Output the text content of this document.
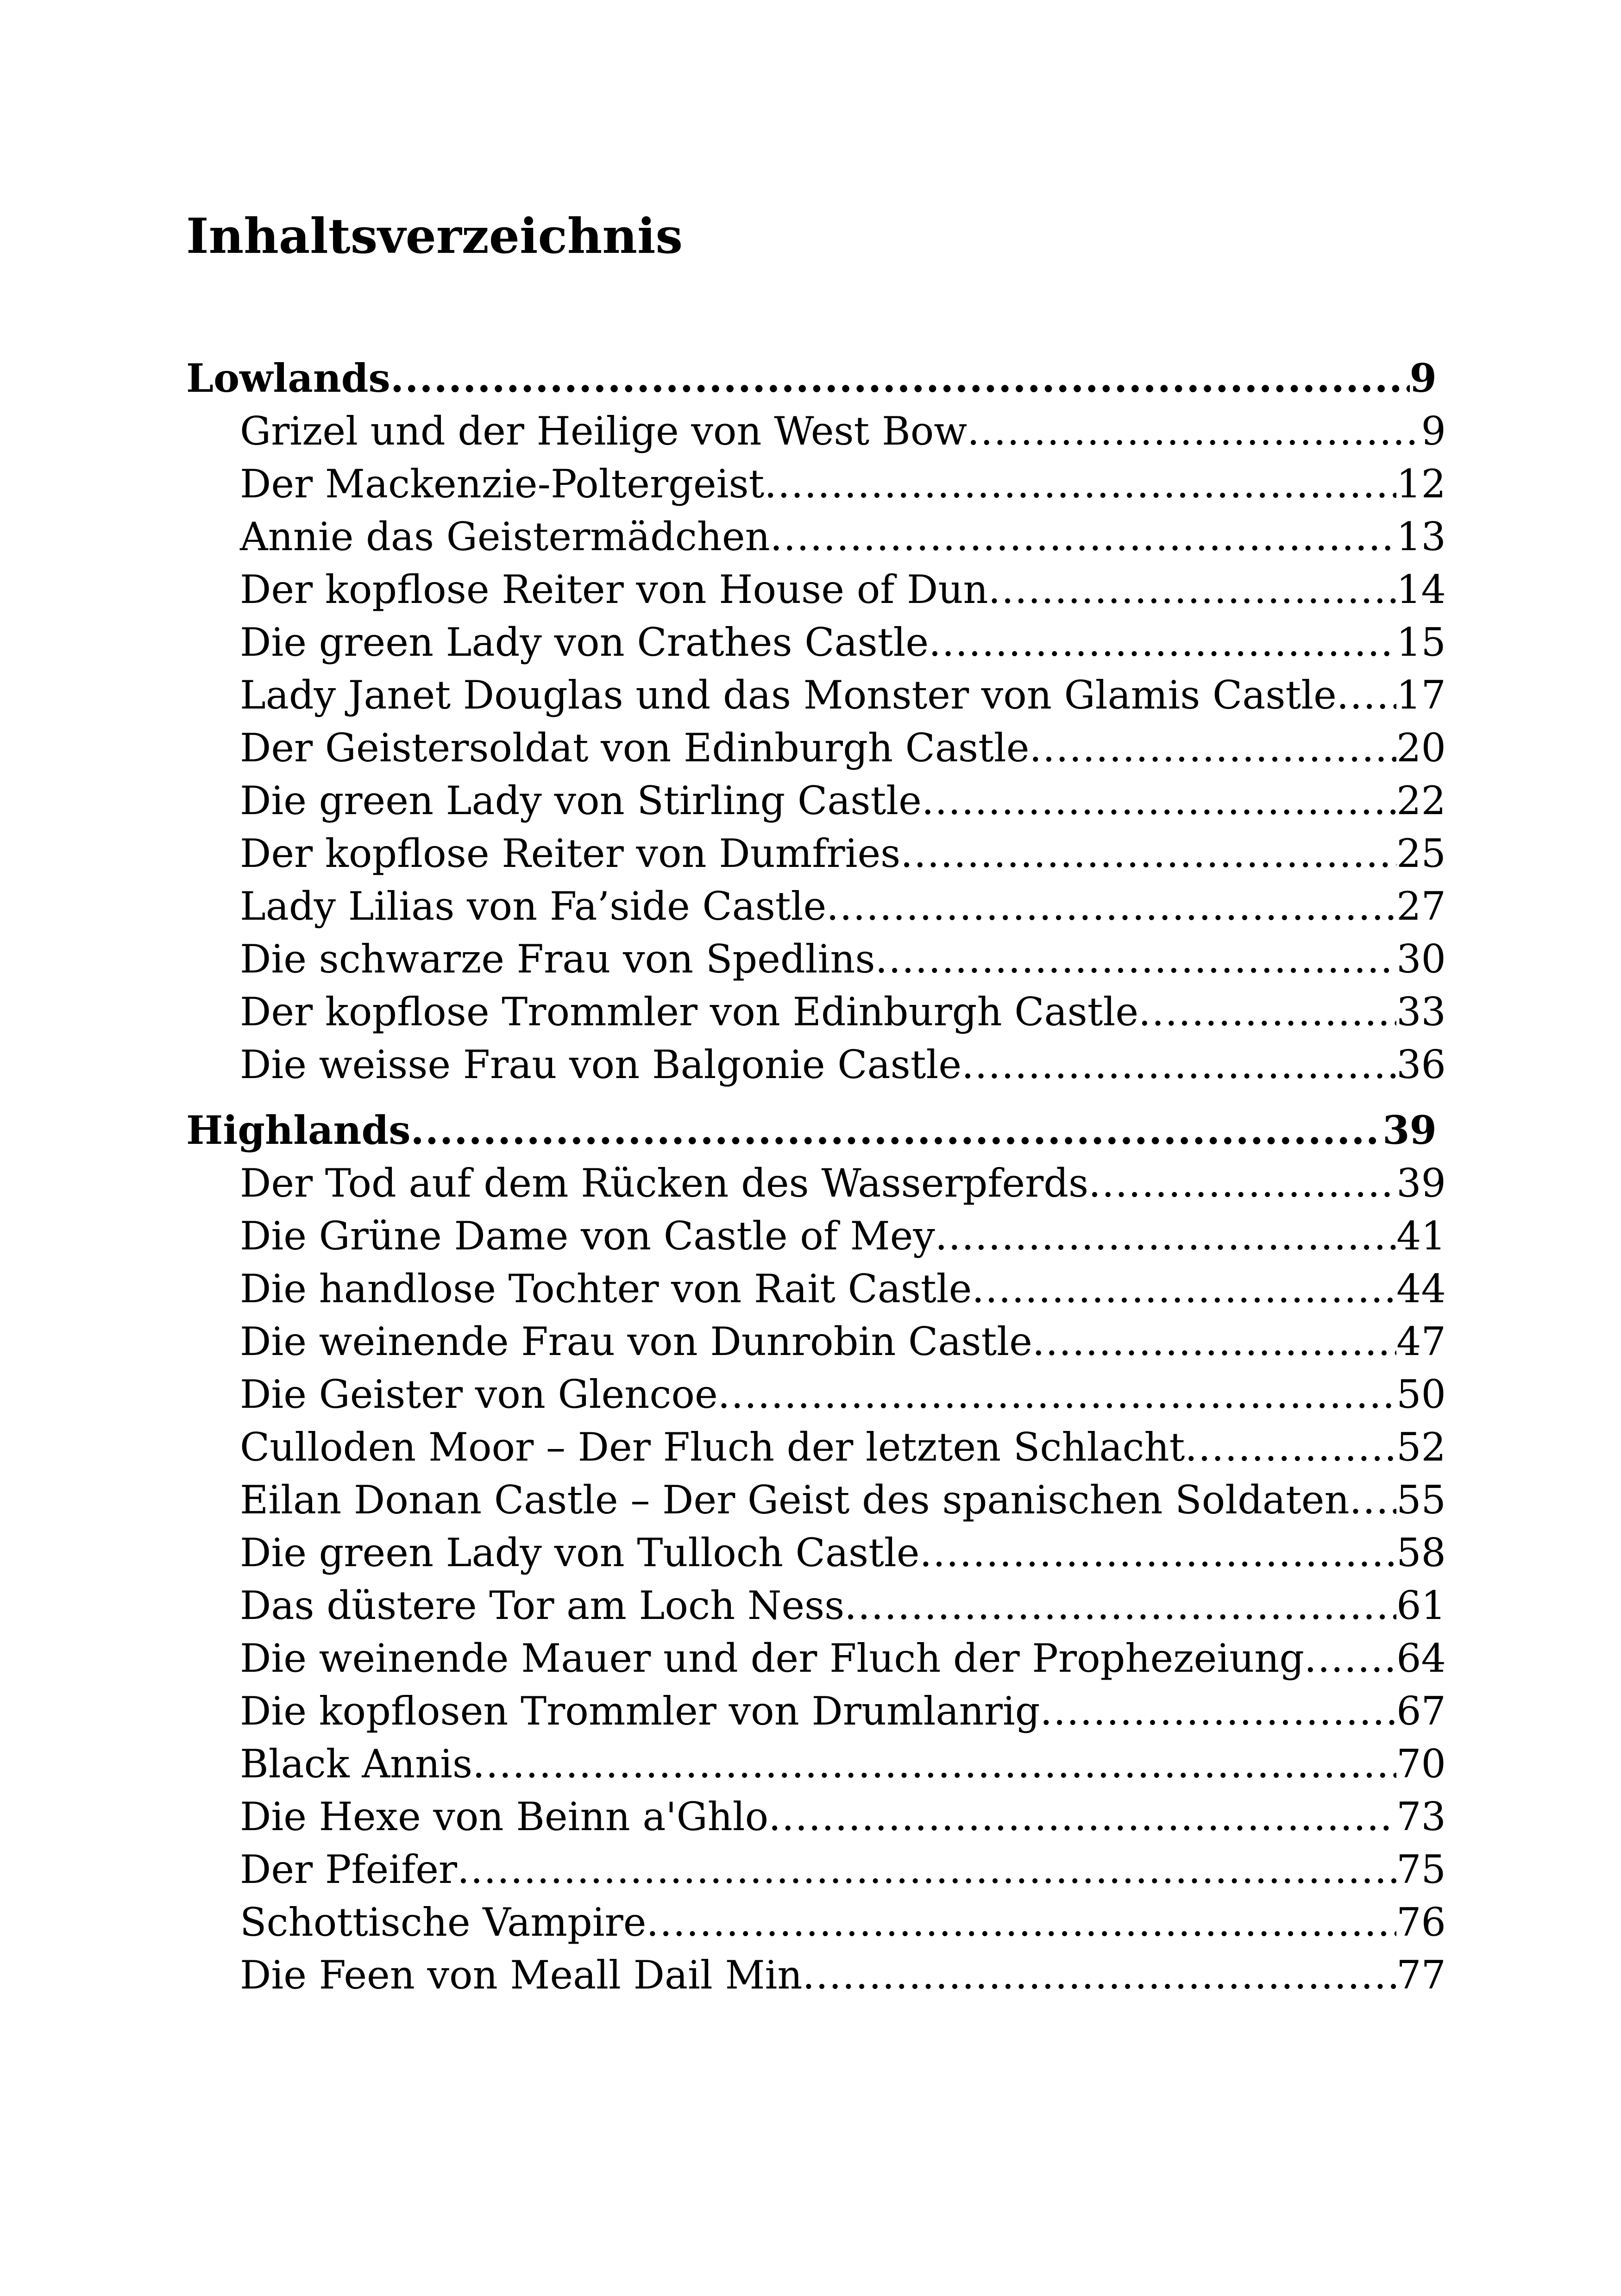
Inhaltsverzeichnis
Lowlands .....	9
Grizel und der Heilige von West Bow .....	9
Der Mackenzie-Poltergeist .....	12
Annie das Geistermädchen .....	13
Der kopflose Reiter von House of Dun .....	14
Die green Lady von Crathes Castle .....	15
Lady Janet Douglas und das Monster von Glamis Castle ..... 17
Der Geistersoldat von Edinburgh Castle .....	20
Die green Lady von Stirling Castle .....	22
Der kopflose Reiter von Dumfries .....	25
Lady Lilias von Fa’side Castle .....	27
Die schwarze Frau von Spedlins .....	30
Der kopflose Trommler von Edinburgh Castle .....	33
Die weisse Frau von Balgonie Castle .....	36
Highlands .....	39
Der Tod auf dem Rücken des Wasserpferds .....	39
Die Grüne Dame von Castle of Mey .....	41
Die handlose Tochter von Rait Castle .....	44
Die weinende Frau von Dunrobin Castle .....	47
Die Geister von Glencoe .....	50
Culloden Moor – Der Fluch der letzten Schlacht .....	52
Eilan Donan Castle – Der Geist des spanischen Soldaten ..... 55
Die green Lady von Tulloch Castle .....	58
Das düstere Tor am Loch Ness .....	61
Die weinende Mauer und der Fluch der Prophezeiung ..... 64
Die kopflosen Trommler von Drumlanrig .....	67
Black Annis .....	70
Die Hexe von Beinn a'Ghlo .....	73
Der Pfeifer .....	75
Schottische Vampire .....	76
Die Feen von Meall Dail Min .....	77
